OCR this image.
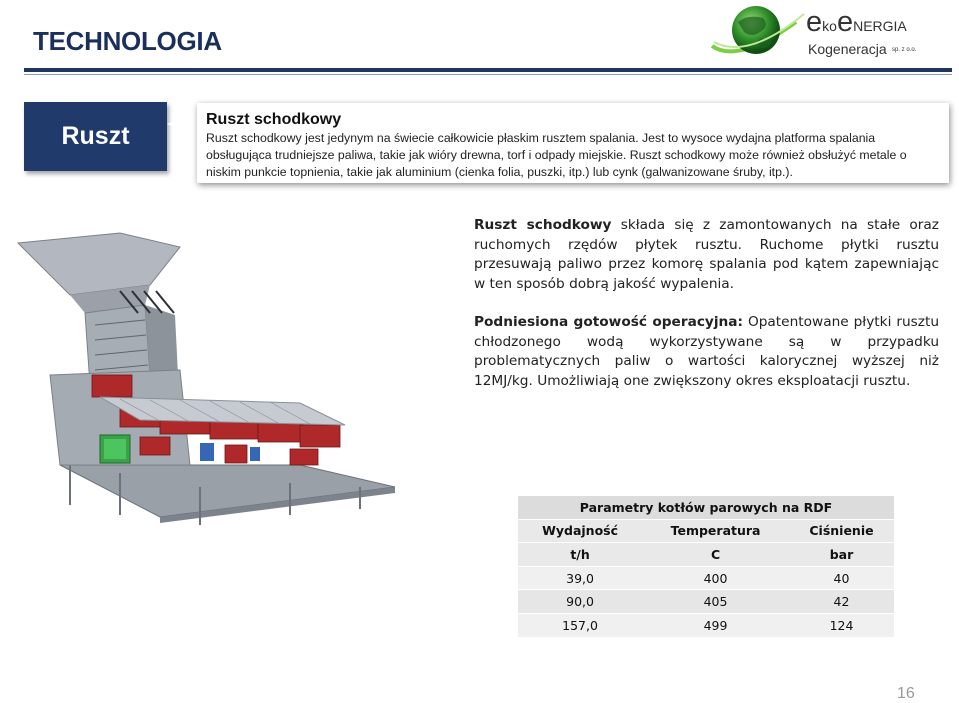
TECHNOLOGIA
ekoeNERGIA
Kogeneracja sp. z o.o.
Ruszt
Ruszt schodkowy
Ruszt schodkowy jest jedynym na świecie całkowicie płaskim rusztem spalania. Jest to wysoce wydajna platforma spalania obsługująca trudniejsze paliwa, takie jak wióry drewna, torf i odpady miejskie. Ruszt schodkowy może również obsłużyć metale o niskim punkcie topnienia, takie jak aluminium (cienka folia, puszki, itp.) lub cynk (galwanizowane śruby, itp.).
Ruszt schodkowy składa się z zamontowanych na stałe oraz ruchomych rzędów płytek rusztu. Ruchome płytki rusztu przesuwają paliwo przez komorę spalania pod kątem zapewniając w ten sposób dobrą jakość wypalenia.
Podniesiona gotowość operacyjna: Opatentowane płytki rusztu chłodzonego wodą wykorzystywane są w przypadku problematycznych paliw o wartości kalorycznej wyższej niż 12MJ/kg. Umożliwiają one zwiększony okres eksploatacji rusztu.
Parametry kotłów parowych na RDF		
Wydajność	Temperatura	Ciśnienie
t/h	C	bar
39,0	400	40
90,0	405	42
157,0	499	124
16
